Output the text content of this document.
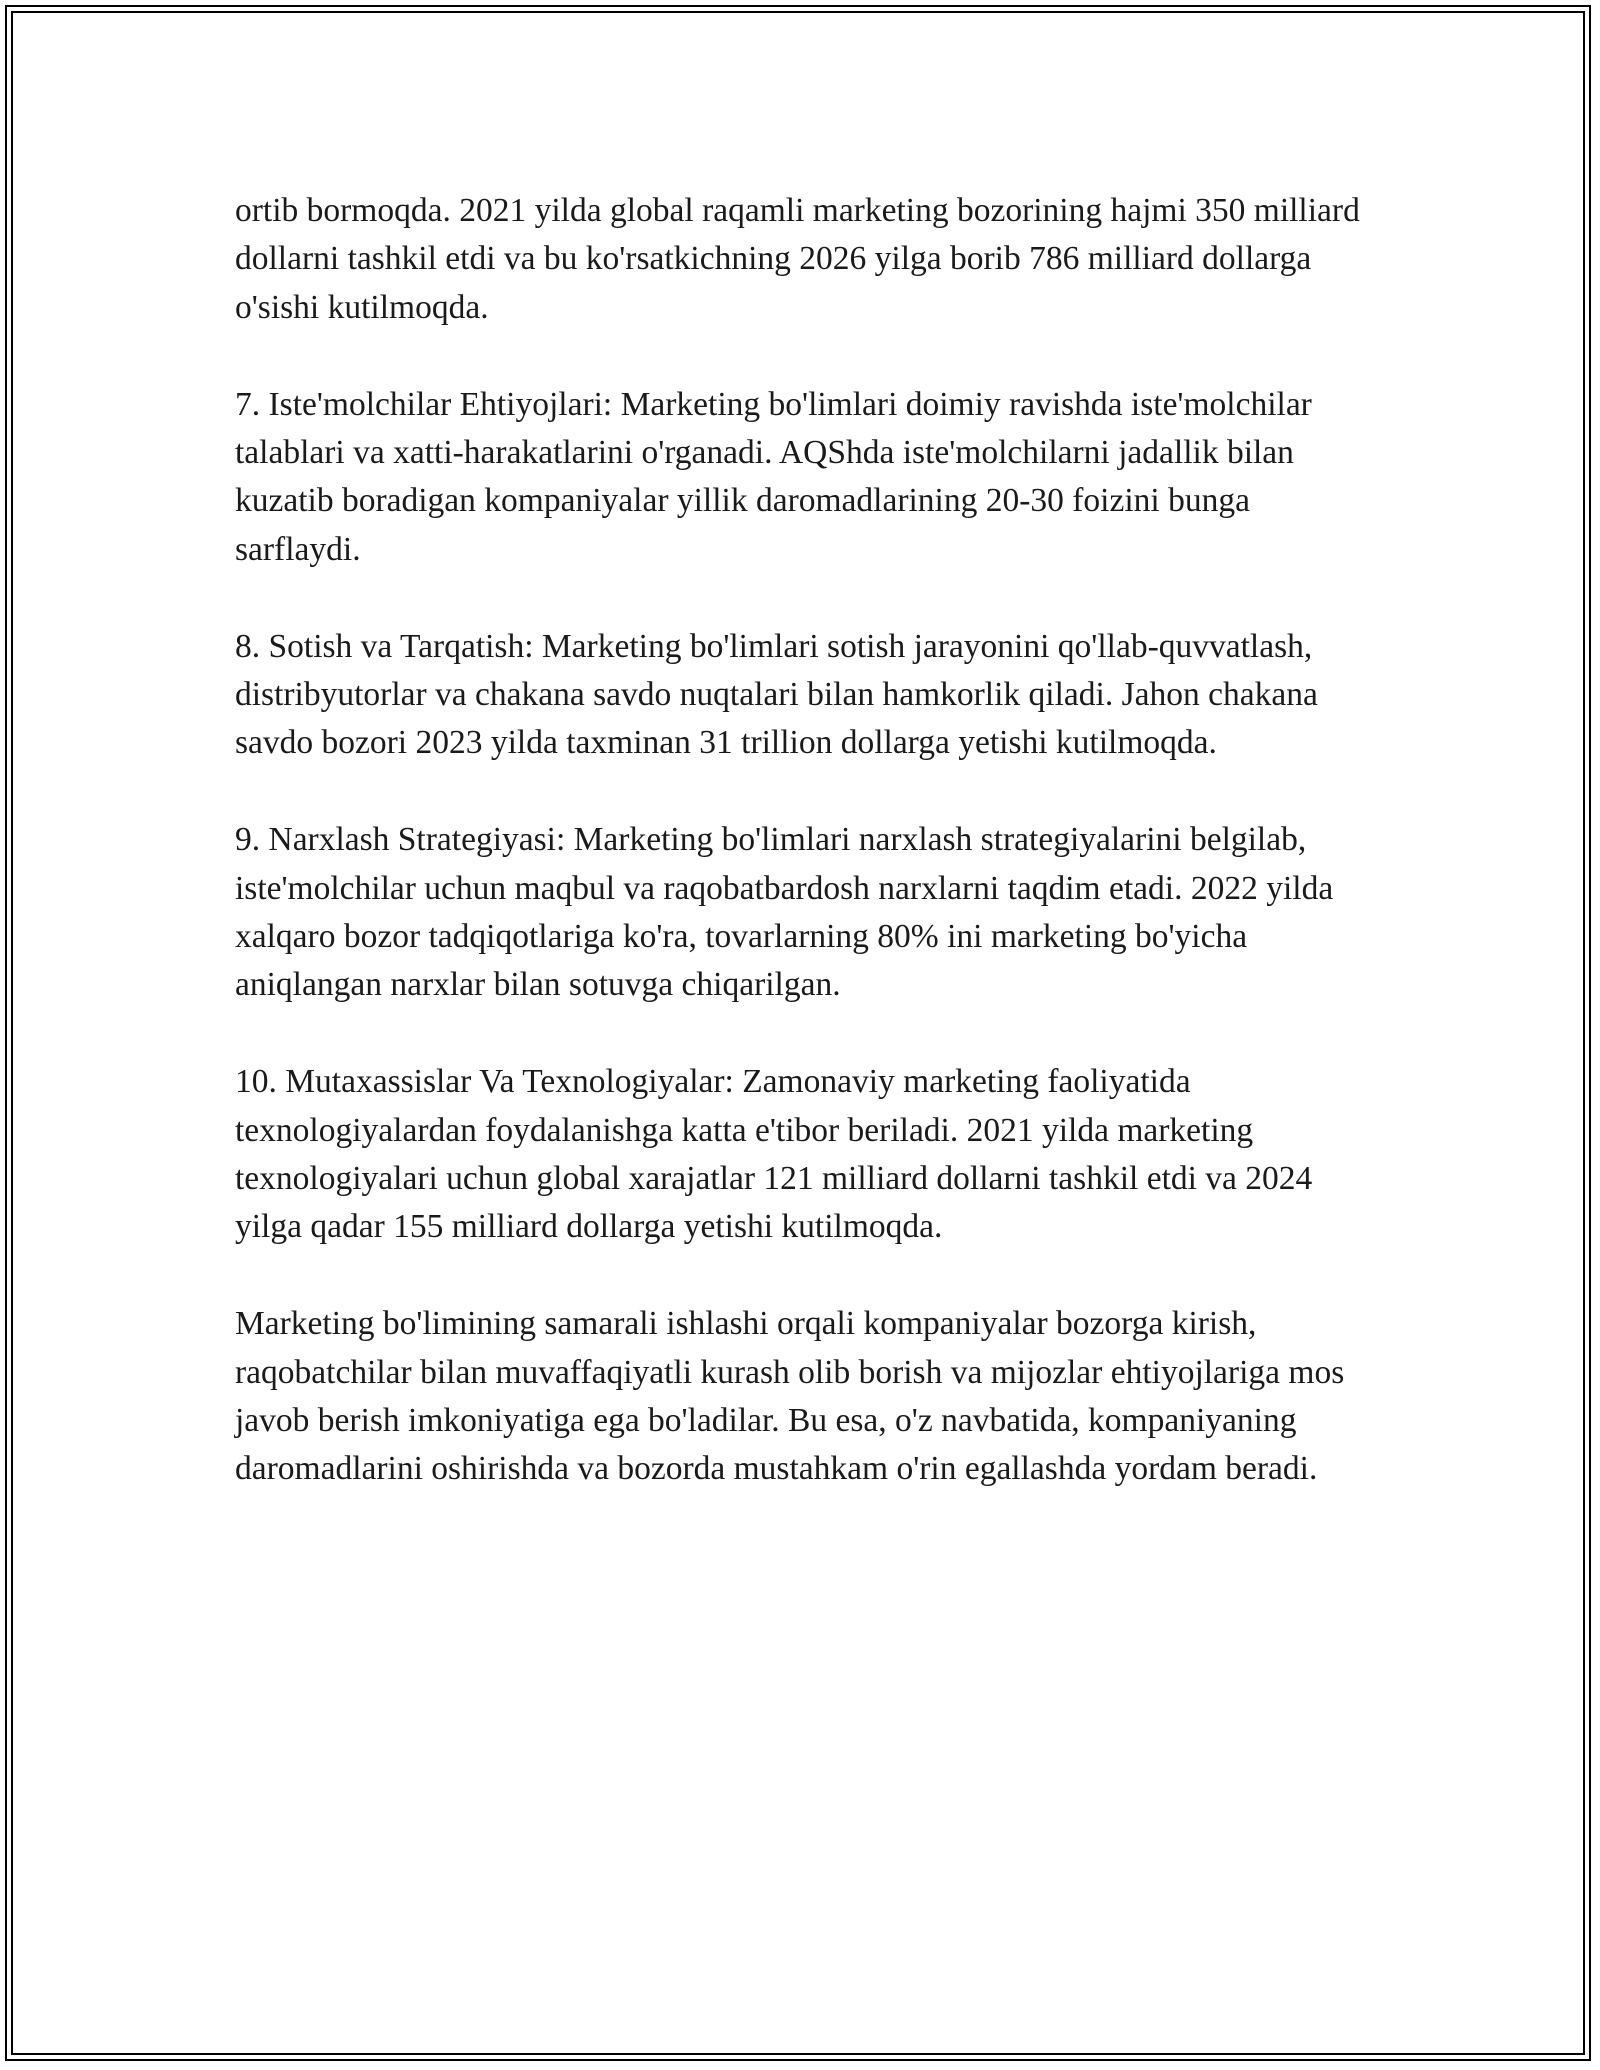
ortib bormoqda. 2021 yilda global raqamli marketing bozorining hajmi 350 milliard dollarni tashkil etdi va bu ko'rsatkichning 2026 yilga borib 786 milliard dollarga o'sishi kutilmoqda.

7. Iste'molchilar Ehtiyojlari: Marketing bo'limlari doimiy ravishda iste'molchilar talablari va xatti-harakatlarini o'rganadi. AQShda iste'molchilarni jadallik bilan kuzatib boradigan kompaniyalar yillik daromadlarining 20-30 foizini bunga sarflaydi.

8. Sotish va Tarqatish: Marketing bo'limlari sotish jarayonini qo'llab-quvvatlash, distribyutorlar va chakana savdo nuqtalari bilan hamkorlik qiladi. Jahon chakana savdo bozori 2023 yilda taxminan 31 trillion dollarga yetishi kutilmoqda.

9. Narxlash Strategiyasi: Marketing bo'limlari narxlash strategiyalarini belgilab, iste'molchilar uchun maqbul va raqobatbardosh narxlarni taqdim etadi. 2022 yilda xalqaro bozor tadqiqotlariga ko'ra, tovarlarning 80% ini marketing bo'yicha aniqlangan narxlar bilan sotuvga chiqarilgan.

10. Mutaxassislar Va Texnologiyalar: Zamonaviy marketing faoliyatida texnologiyalardan foydalanishga katta e'tibor beriladi. 2021 yilda marketing texnologiyalari uchun global xarajatlar 121 milliard dollarni tashkil etdi va 2024 yilga qadar 155 milliard dollarga yetishi kutilmoqda.

Marketing bo'limining samarali ishlashi orqali kompaniyalar bozorga kirish, raqobatchilar bilan muvaffaqiyatli kurash olib borish va mijozlar ehtiyojlariga mos javob berish imkoniyatiga ega bo'ladilar. Bu esa, o'z navbatida, kompaniyaning daromadlarini oshirishda va bozorda mustahkam o'rin egallashda yordam beradi.
